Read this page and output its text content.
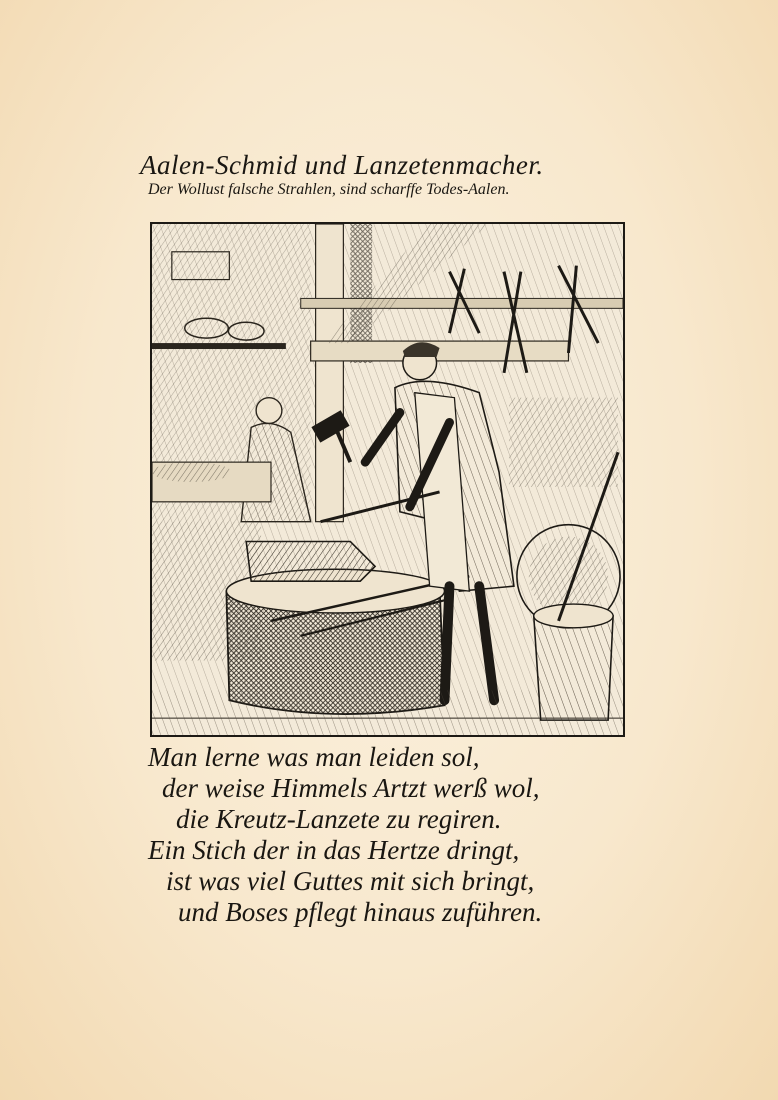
Aalen-Schmid und Lanzetenmacher.
Der Wollust falsche Strahlen, sind scharffe Todes-Aalen.
Man lerne was man leiden sol,
der weise Himmels Artzt werß wol,
die Kreutz-Lanzete zu regiren.
Ein Stich der in das Hertze dringt,
ist was viel Guttes mit sich bringt,
und Boses pflegt hinaus zuführen.
